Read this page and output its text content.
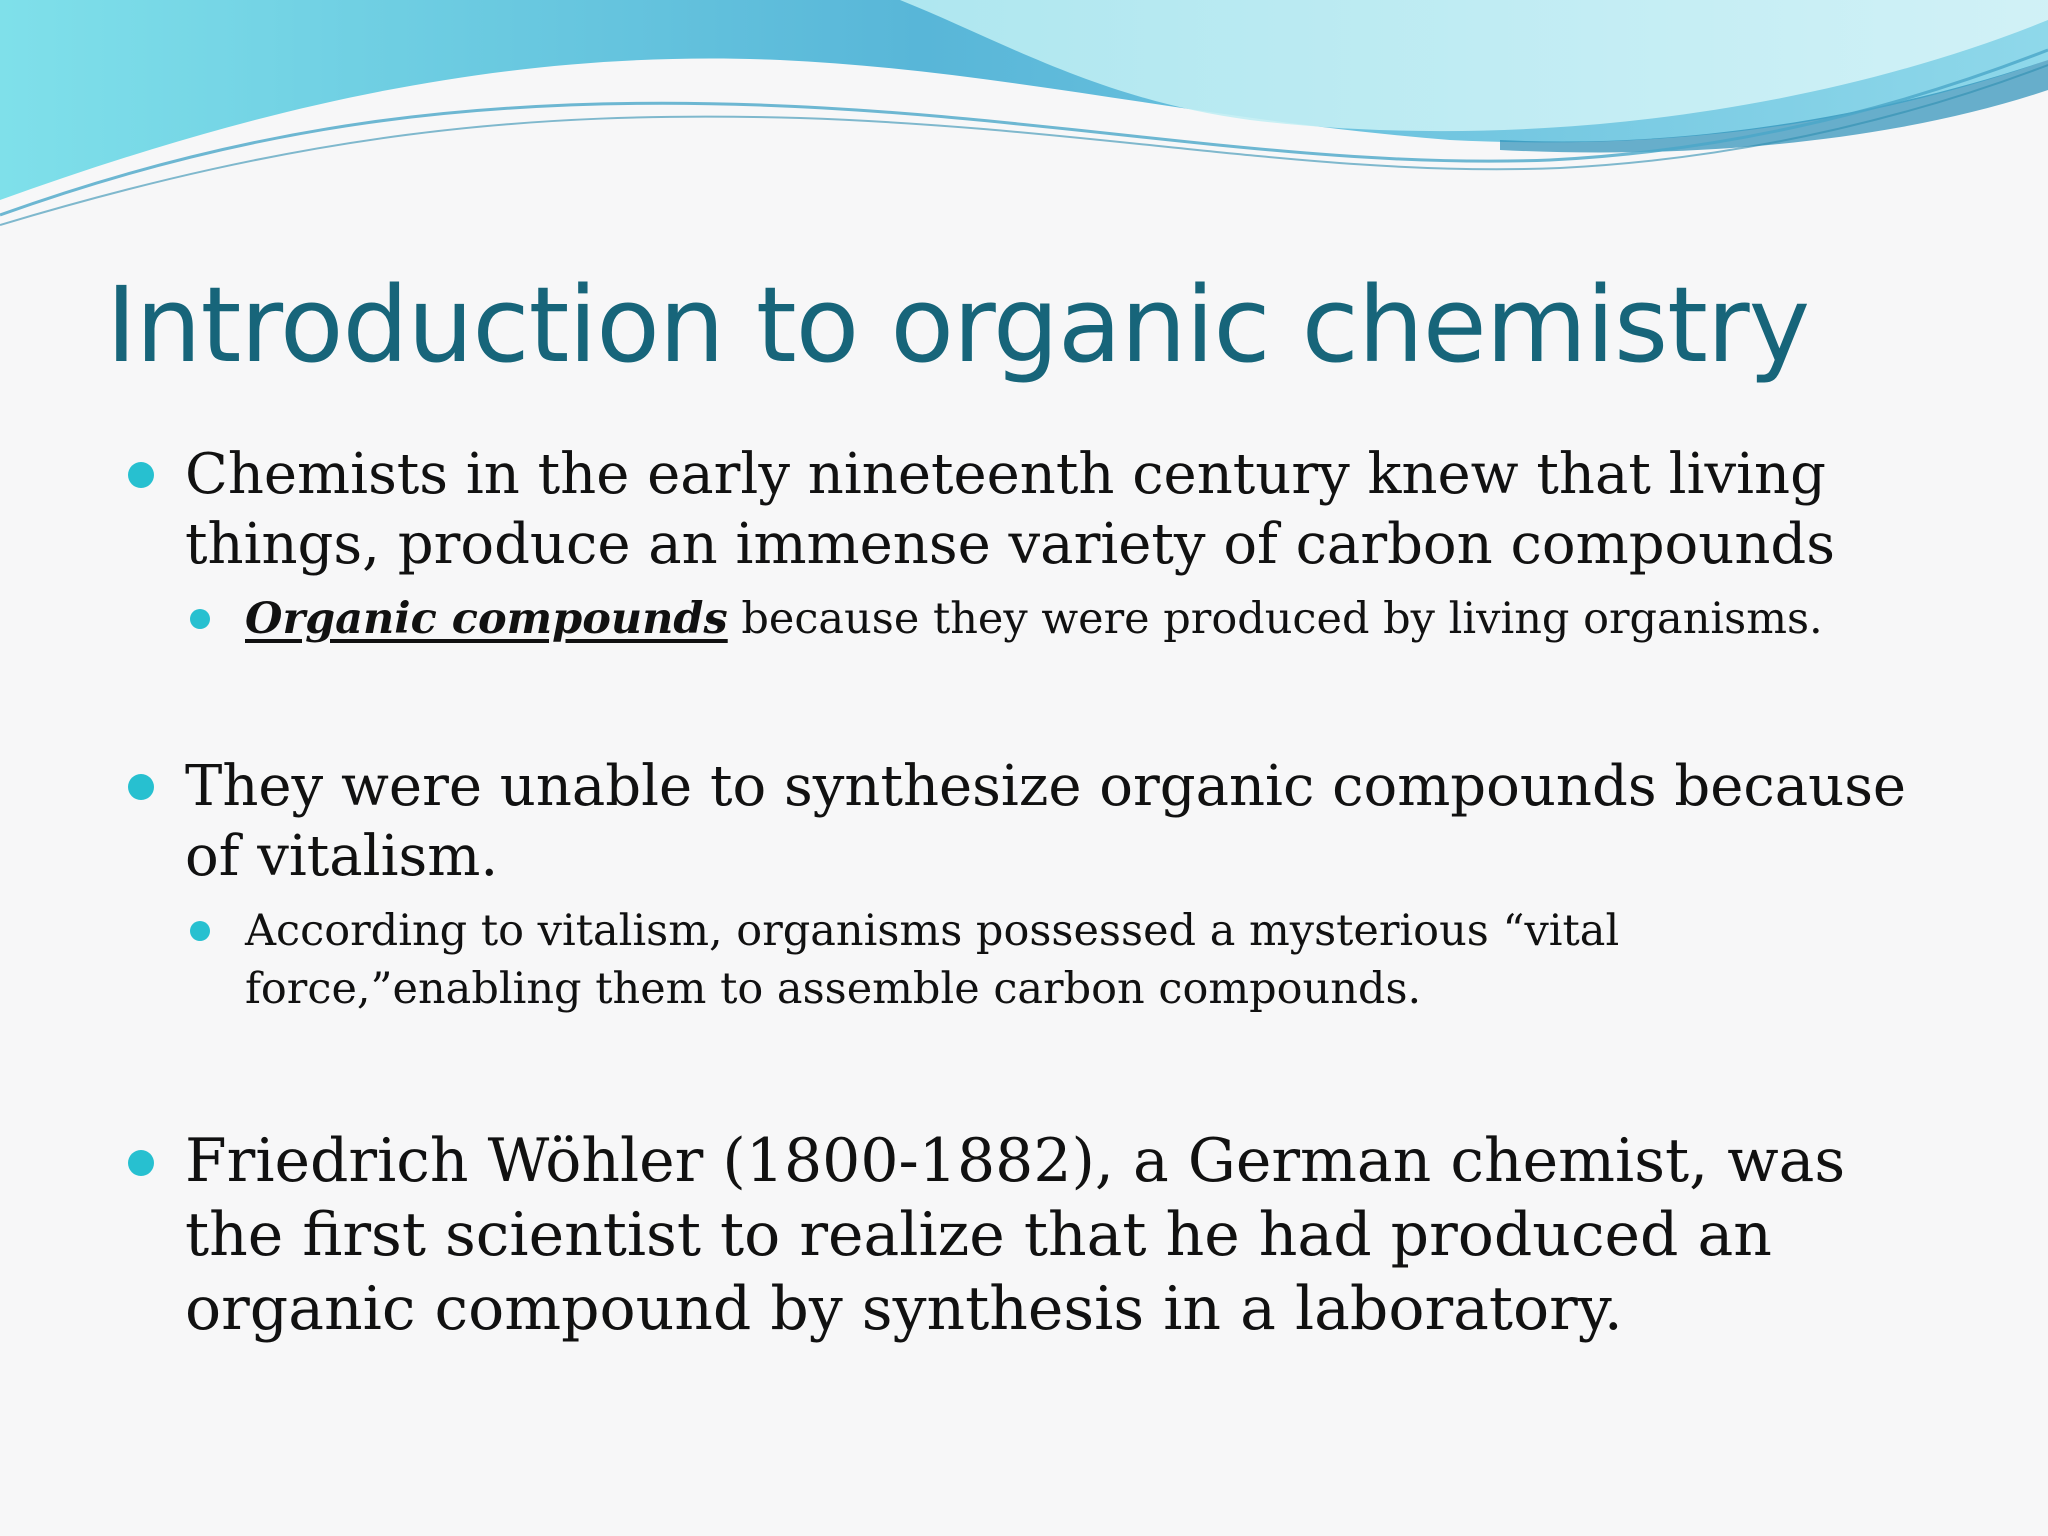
Introduction to organic chemistry
Chemists in the early nineteenth century knew that living things, produce an immense variety of carbon compounds
Organic compounds because they were produced by living organisms.
They were unable to synthesize organic compounds because of vitalism.
According to vitalism, organisms possessed a mysterious “vital force,”enabling them to assemble carbon compounds.
Friedrich Wöhler (1800-1882), a German chemist, was the first scientist to realize that he had produced an organic compound by synthesis in a laboratory.
